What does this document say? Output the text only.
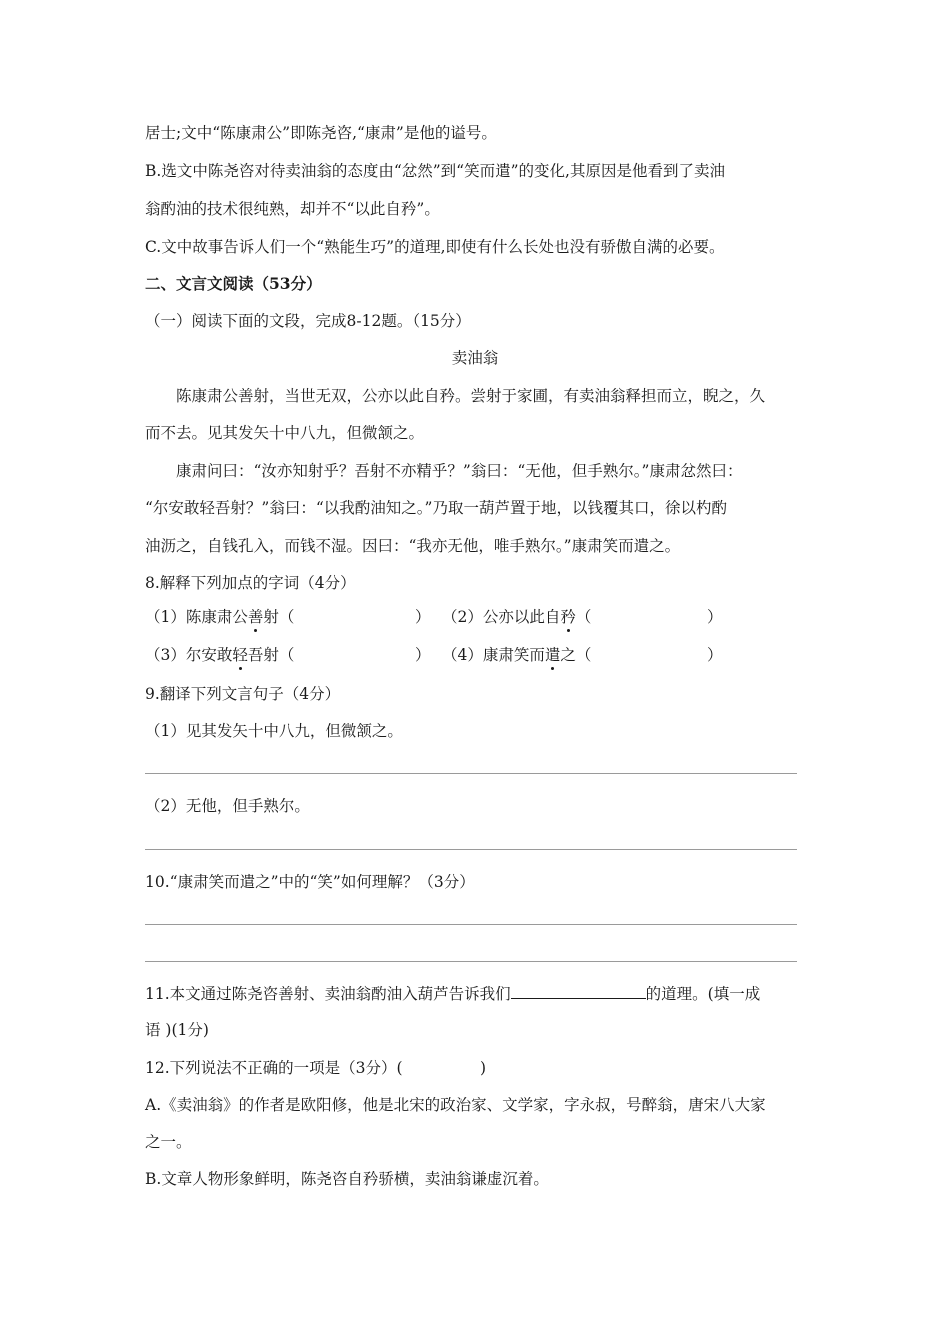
居士;文中“陈康肃公”即陈尧咨,“康肃”是他的谥号。
B.选文中陈尧咨对待卖油翁的态度由“忿然”到“笑而遣”的变化,其原因是他看到了卖油
翁酌油的技术很纯熟，却并不“以此自矜”。
C.文中故事告诉人们一个“熟能生巧”的道理,即使有什么长处也没有骄傲自满的必要。
二、文言文阅读（53分）
（一）阅读下面的文段，完成8-12题。（15分）
卖油翁
陈康肃公善射，当世无双，公亦以此自矜。尝射于家圃，有卖油翁释担而立，睨之，久
而不去。见其发矢十中八九，但微颔之。
康肃问曰：“汝亦知射乎？吾射不亦精乎？”翁曰：“无他，但手熟尔。”康肃忿然曰：
“尔安敢轻吾射？”翁曰：“以我酌油知之。”乃取一葫芦置于地，以钱覆其口，徐以杓酌
油沥之，自钱孔入，而钱不湿。因曰：“我亦无他，唯手熟尔。”康肃笑而遣之。
8.解释下列加点的字词（4分）
（1）陈康肃公善射（	） （2）公亦以此自矜（	）
（3）尔安敢轻吾射（	） （4）康肃笑而遣之（	）
9.翻译下列文言句子（4分）
（1）见其发矢十中八九，但微颔之。
（2）无他，但手熟尔。
10.“康肃笑而遣之”中的“笑”如何理解？（3分）
11.本文通过陈尧咨善射、卖油翁酌油入葫芦告诉我们	的道理。(填一成
语 )(1分)
12.下列说法不正确的一项是（3分）(　　　　　)
A.《卖油翁》的作者是欧阳修，他是北宋的政治家、文学家，字永叔，号醉翁，唐宋八大家
之一。
B.文章人物形象鲜明，陈尧咨自矜骄横，卖油翁谦虚沉着。
